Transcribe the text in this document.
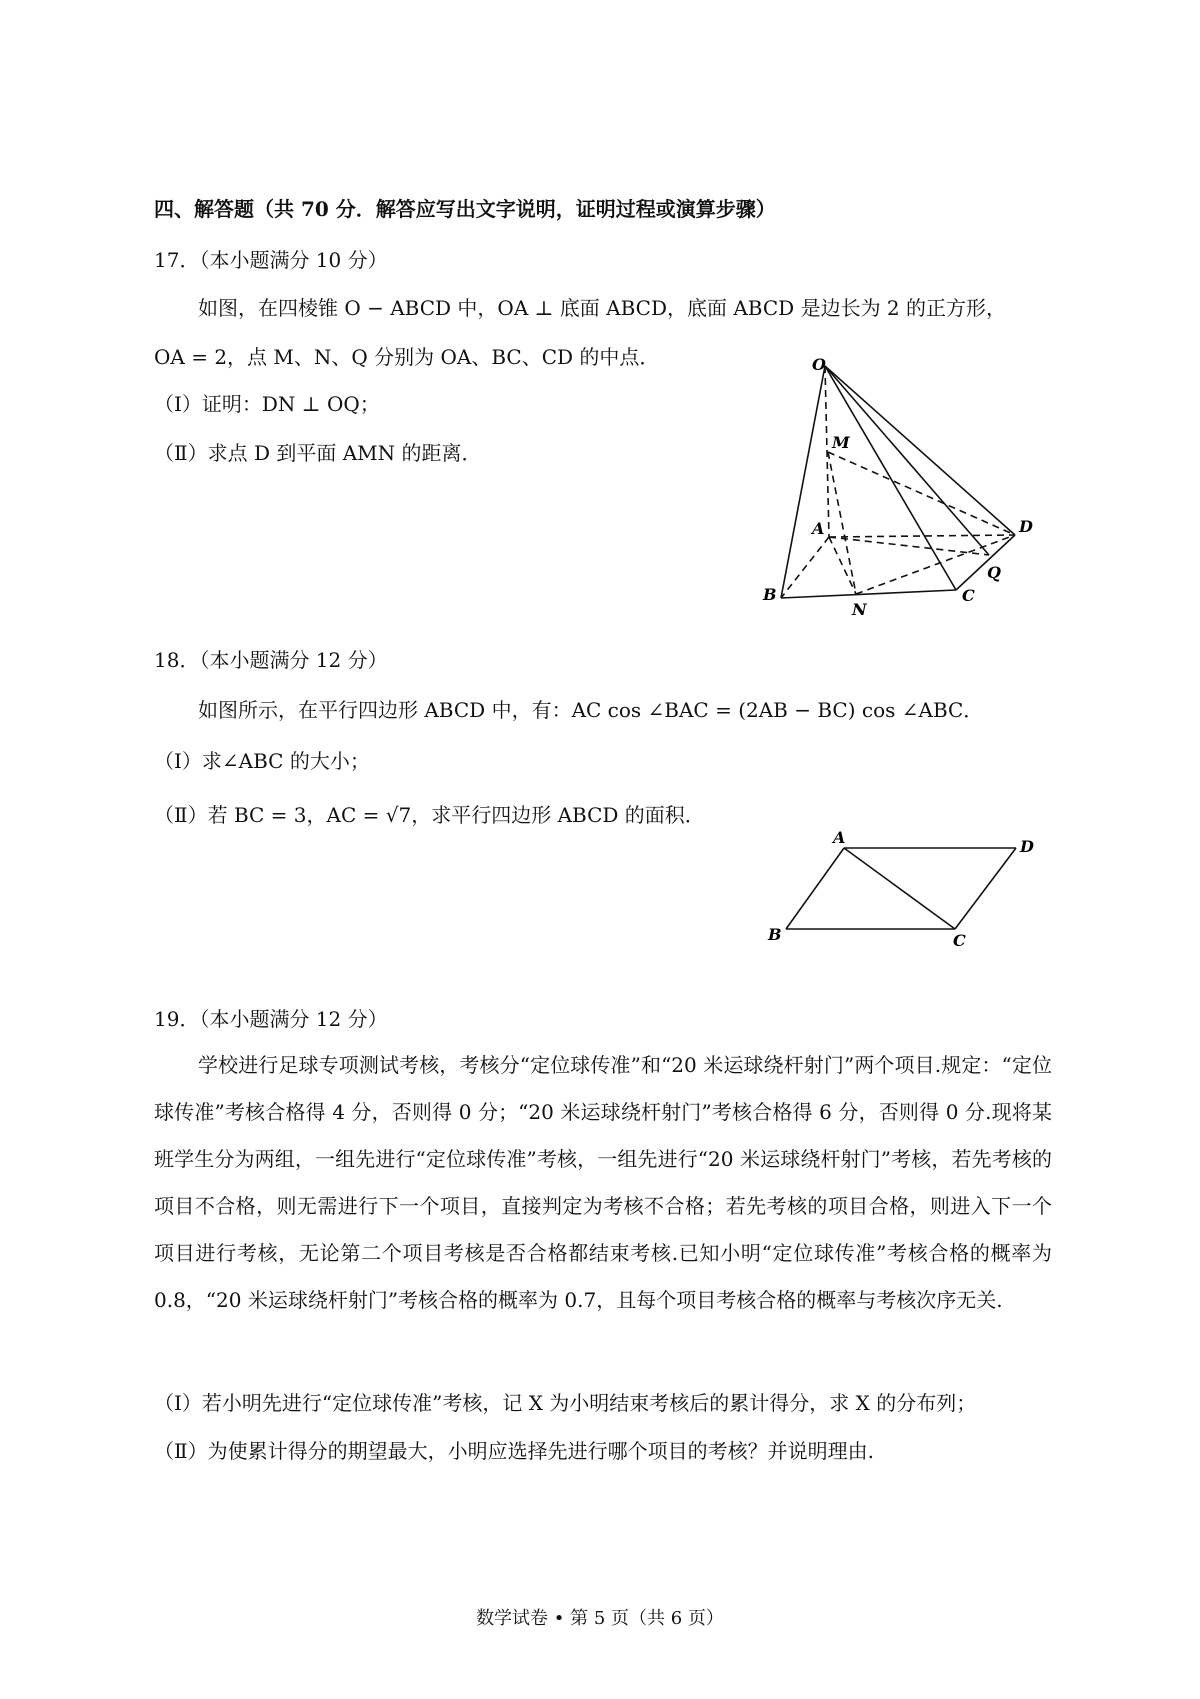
四、解答题（共 70 分．解答应写出文字说明，证明过程或演算步骤）
17．（本小题满分 10 分）
如图，在四棱锥 O − ABCD 中，OA ⊥ 底面 ABCD，底面 ABCD 是边长为 2 的正方形，
OA = 2，点 M、N、Q 分别为 OA、BC、CD 的中点．
（Ⅰ）证明：DN ⊥ OQ；
（Ⅱ）求点 D 到平面 AMN 的距离．
O
M
A	D
Q
B
N
C
18．（本小题满分 12 分）
如图所示，在平行四边形 ABCD 中，有：AC cos ∠BAC = (2AB − BC) cos ∠ABC．
（Ⅰ）求∠ABC 的大小；
（Ⅱ）若 BC = 3，AC = √7，求平行四边形 ABCD 的面积．
A	D
B	C
19．（本小题满分 12 分）
学校进行足球专项测试考核，考核分“定位球传准”和“20 米运球绕杆射门”两个项目.规定：“定位球传准”考核合格得 4 分，否则得 0 分；“20 米运球绕杆射门”考核合格得 6 分，否则得 0 分.现将某班学生分为两组，一组先进行“定位球传准”考核，一组先进行“20 米运球绕杆射门”考核，若先考核的项目不合格，则无需进行下一个项目，直接判定为考核不合格；若先考核的项目合格，则进入下一个项目进行考核，无论第二个项目考核是否合格都结束考核.已知小明“定位球传准”考核合格的概率为 0.8，“20 米运球绕杆射门”考核合格的概率为 0.7，且每个项目考核合格的概率与考核次序无关.
（Ⅰ）若小明先进行“定位球传准”考核，记 X 为小明结束考核后的累计得分，求 X 的分布列；
（Ⅱ）为使累计得分的期望最大，小明应选择先进行哪个项目的考核？并说明理由.
数学试卷 • 第 5 页（共 6 页）
